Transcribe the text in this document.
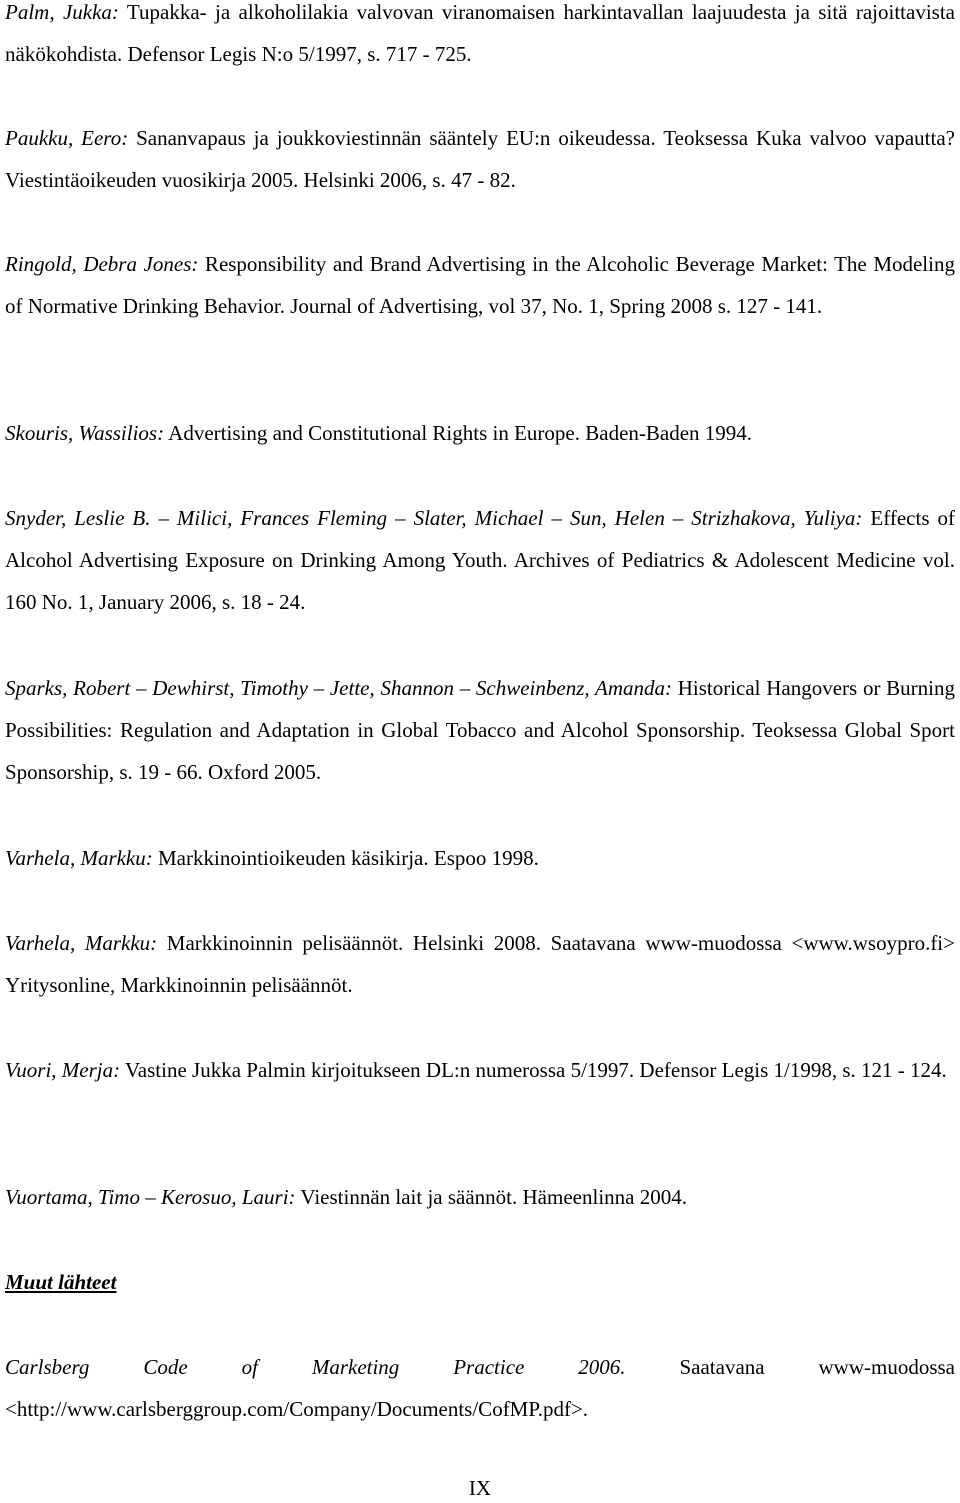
Palm, Jukka: Tupakka- ja alkoholilakia valvovan viranomaisen harkintavallan laajuudesta ja sitä rajoittavista näkökohdista. Defensor Legis N:o 5/1997, s. 717 - 725.

Paukku, Eero: Sananvapaus ja joukkoviestinnän sääntely EU:n oikeudessa. Teoksessa Kuka valvoo vapautta? Viestintäoikeuden vuosikirja 2005. Helsinki 2006, s. 47 - 82.

Ringold, Debra Jones: Responsibility and Brand Advertising in the Alcoholic Beverage Market: The Modeling of Normative Drinking Behavior. Journal of Advertising, vol 37, No. 1, Spring 2008 s. 127 - 141.

Skouris, Wassilios: Advertising and Constitutional Rights in Europe. Baden-Baden 1994.

Snyder, Leslie B. – Milici, Frances Fleming – Slater, Michael – Sun, Helen – Strizhakova, Yuliya: Effects of Alcohol Advertising Exposure on Drinking Among Youth. Archives of Pediatrics & Adolescent Medicine vol. 160 No. 1, January 2006, s. 18 - 24.

Sparks, Robert – Dewhirst, Timothy – Jette, Shannon – Schweinbenz, Amanda: Historical Hangovers or Burning Possibilities: Regulation and Adaptation in Global Tobacco and Alcohol Sponsorship. Teoksessa Global Sport Sponsorship, s. 19 - 66. Oxford 2005.

Varhela, Markku: Markkinointioikeuden käsikirja. Espoo 1998.

Varhela, Markku: Markkinoinnin pelisäännöt. Helsinki 2008. Saatavana www-muodossa <www.wsoypro.fi> Yritysonline, Markkinoinnin pelisäännöt.

Vuori, Merja: Vastine Jukka Palmin kirjoitukseen DL:n numerossa 5/1997. Defensor Legis 1/1998, s. 121 - 124.

Vuortama, Timo – Kerosuo, Lauri: Viestinnän lait ja säännöt. Hämeenlinna 2004.

Muut lähteet

Carlsberg Code of Marketing Practice 2006. Saatavana www-muodossa <http://www.carlsberggroup.com/Company/Documents/CofMP.pdf>.

IX
